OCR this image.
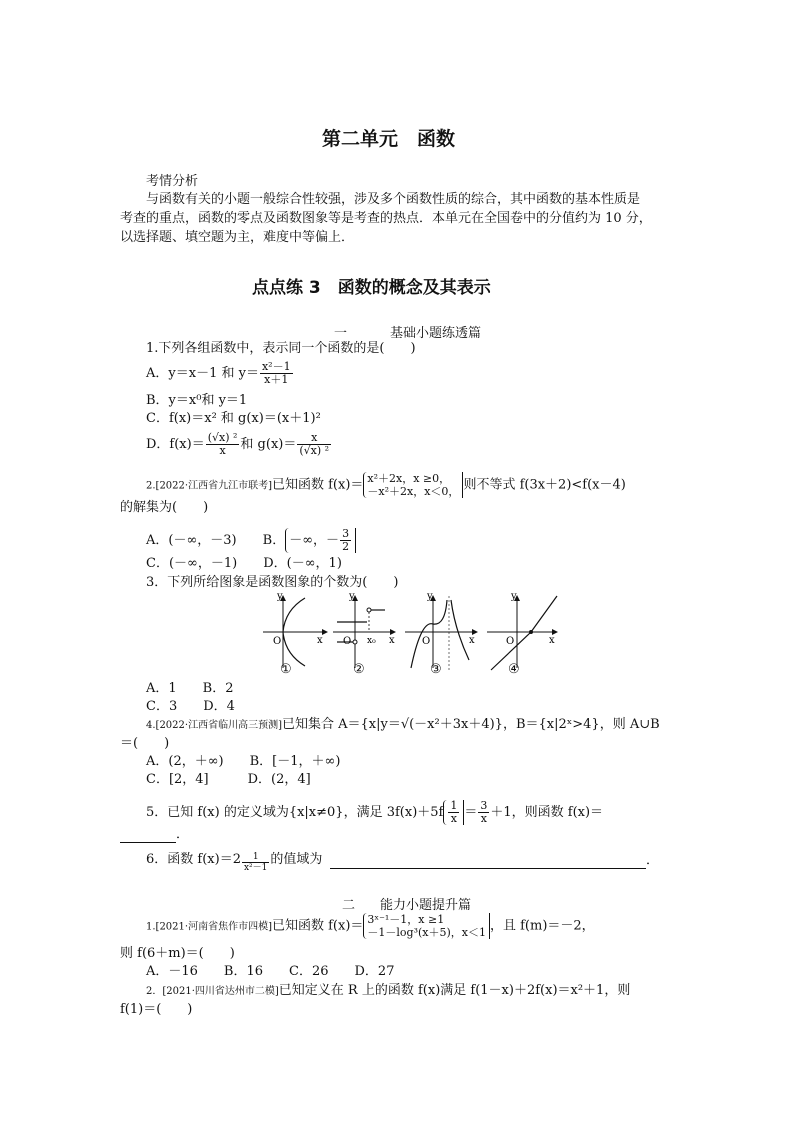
第二单元　函数
考情分析
与函数有关的小题一般综合性较强，涉及多个函数性质的综合，其中函数的基本性质是
考查的重点，函数的零点及函数图象等是考查的热点．本单元在全国卷中的分值约为 10 分，
以选择题、填空题为主，难度中等偏上．
点点练 3　函数的概念及其表示
一	基础小题练透篇
1.下列各组函数中，表示同一个函数的是(　　)
A．y＝x－1 和 $y= \frac{\text{x²－1}}{x+1}$
B．y＝x⁰和 y＝1
C．f(x)＝x² 和 g(x)＝(x＋1)²
D．$f(x)= \frac{\text{(√x) ²}}{x}$ 和 $g(x)= \frac{x}{\text{(√x) ²}}$
2.[2022·江西省九江市联考]已知函数 f(x)＝ x²＋2x，x ≥0，
－x²＋2x，x＜0， 则不等式 f(3x＋2)<f(x－4)
的解集为(　　)
A．(－∞，－3)　　 B． －∞，－ $\frac{3}{2}$
C．(－∞，－1)　　 D．(－∞，1)
3．下列所给图象是函数图象的个数为(　　)
y
O	x
y
O x₀ x
y
O	x
y
O	x
①	②	③	④
A．1　　B．2
C．3　　D．4
4.[2022·江西省临川高三预测]已知集合 A＝{x|y＝√(－x²＋3x＋4)}，B＝{x|2ˣ>4}，则 A∪B
＝(　　)
A．(2，＋∞)　　B．[－1，＋∞)
C．[2，4]　　　D．(2，4]
5．已知 f(x) 的定义域为{x|x≠0}，满足 $3f(x)+5f \frac{1}{x} = \frac{3}{x} +1$，则函数 f(x)＝
．
6．函数 $f(x)=2 \frac{1}{\text{x²－1}}$ 的值域为	．
二 能力小题提升篇
1.[2021·河南省焦作市四模]已知函数 f(x)＝ 3ˣ⁻¹－1，x ≥1
－1－log³(x＋5)，x＜1 ，且 f(m)＝－2，
则 f(6＋m)＝(　　)
A．－16　　B．16　　C．26　　D．27
2．[2021·四川省达州市二模]已知定义在 R 上的函数 f(x)满足 f(1－x)＋2f(x)＝x²＋1，则
f(1)＝(　　)
